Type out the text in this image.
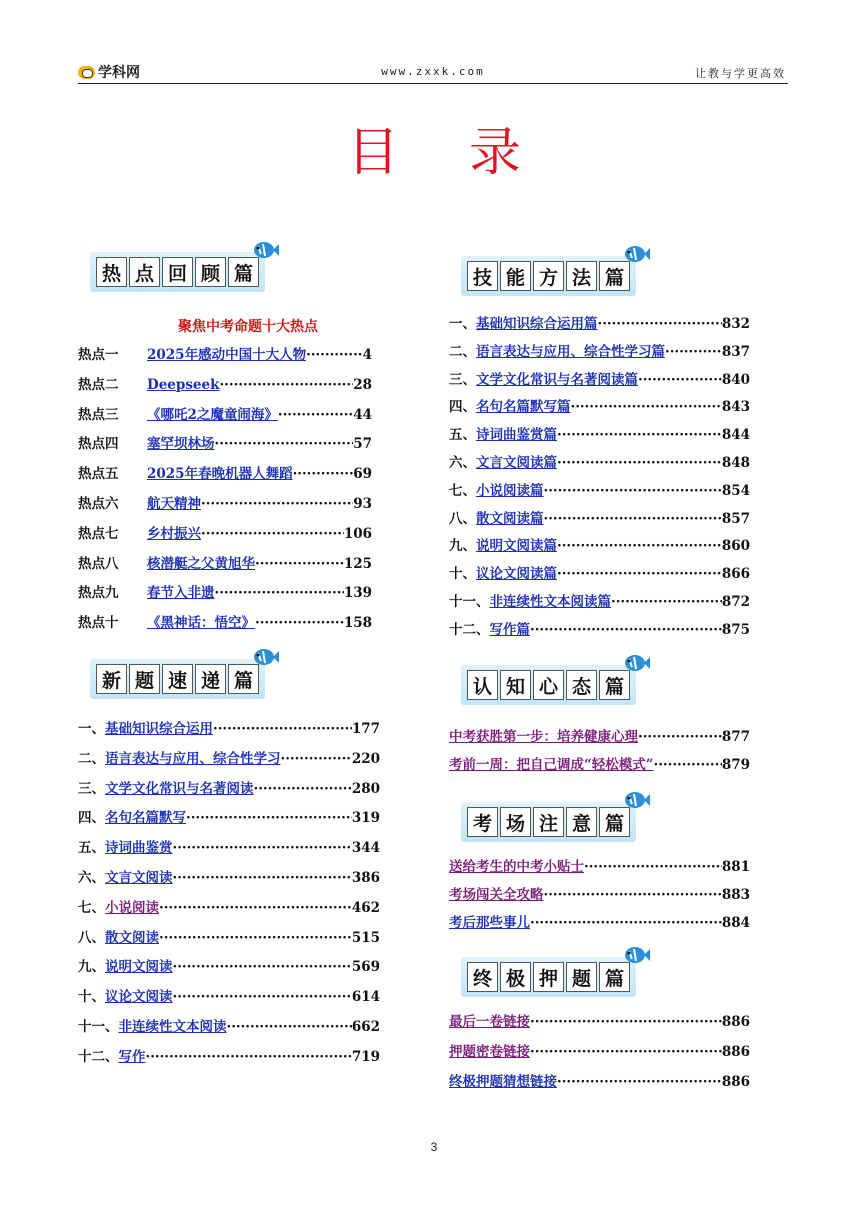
学科网	www.zxxk.com	让教与学更高效
目录
热 点 回 顾 篇	技 能 方 法 篇
新 题 速 递 篇	认 知 心 态 篇
考 场 注 意 篇
终 极 押 题 篇
聚焦中考命题十大热点
热点一	2025年感动中国十大人物 ·····	4
热点二	Deepseek ·····	28
热点三	《哪吒2之魔童闹海》 ·····	44
热点四	塞罕坝林场 ·····	57
热点五	2025年春晚机器人舞蹈 ·····	69
热点六	航天精神 ·····	93
热点七	乡村振兴 ·····	106
热点八	核潜艇之父黄旭华 ·····	125
热点九	春节入非遗 ·····	139
热点十	《黑神话：悟空》 ·····	158
一、 基础知识综合运用 ·····	177
二、 语言表达与应用、综合性学习 ·····	220
三、 文学文化常识与名著阅读 ·····	280
四、 名句名篇默写 ·····	319
五、 诗词曲鉴赏 ·····	344
六、 文言文阅读 ·····	386
七、 小说阅读 ·····	462
八、 散文阅读 ·····	515
九、 说明文阅读 ·····	569
十、 议论文阅读 ·····	614
十一、 非连续性文本阅读 ·····	662
十二、 写作 ·····	719
一、 基础知识综合运用篇 ·····	832
二、 语言表达与应用、综合性学习篇 ·····	837
三、 文学文化常识与名著阅读篇 ·····	840
四、 名句名篇默写篇 ·····	843
五、 诗词曲鉴赏篇 ·····	844
六、 文言文阅读篇 ·····	848
七、 小说阅读篇 ·····	854
八、 散文阅读篇 ·····	857
九、 说明文阅读篇 ·····	860
十、 议论文阅读篇 ·····	866
十一、 非连续性文本阅读篇 ·····	872
十二、 写作篇 ·····	875
中考获胜第一步：培养健康心理 ·····	877
考前一周：把自己调成“轻松模式” ·····	879
送给考生的中考小贴士 ·····	881
考场闯关全攻略 ·····	883
考后那些事儿 ·····	884
最后一卷链接 ·····	886
押题密卷链接 ·····	886
终极押题猜想链接 ·····	886
3
